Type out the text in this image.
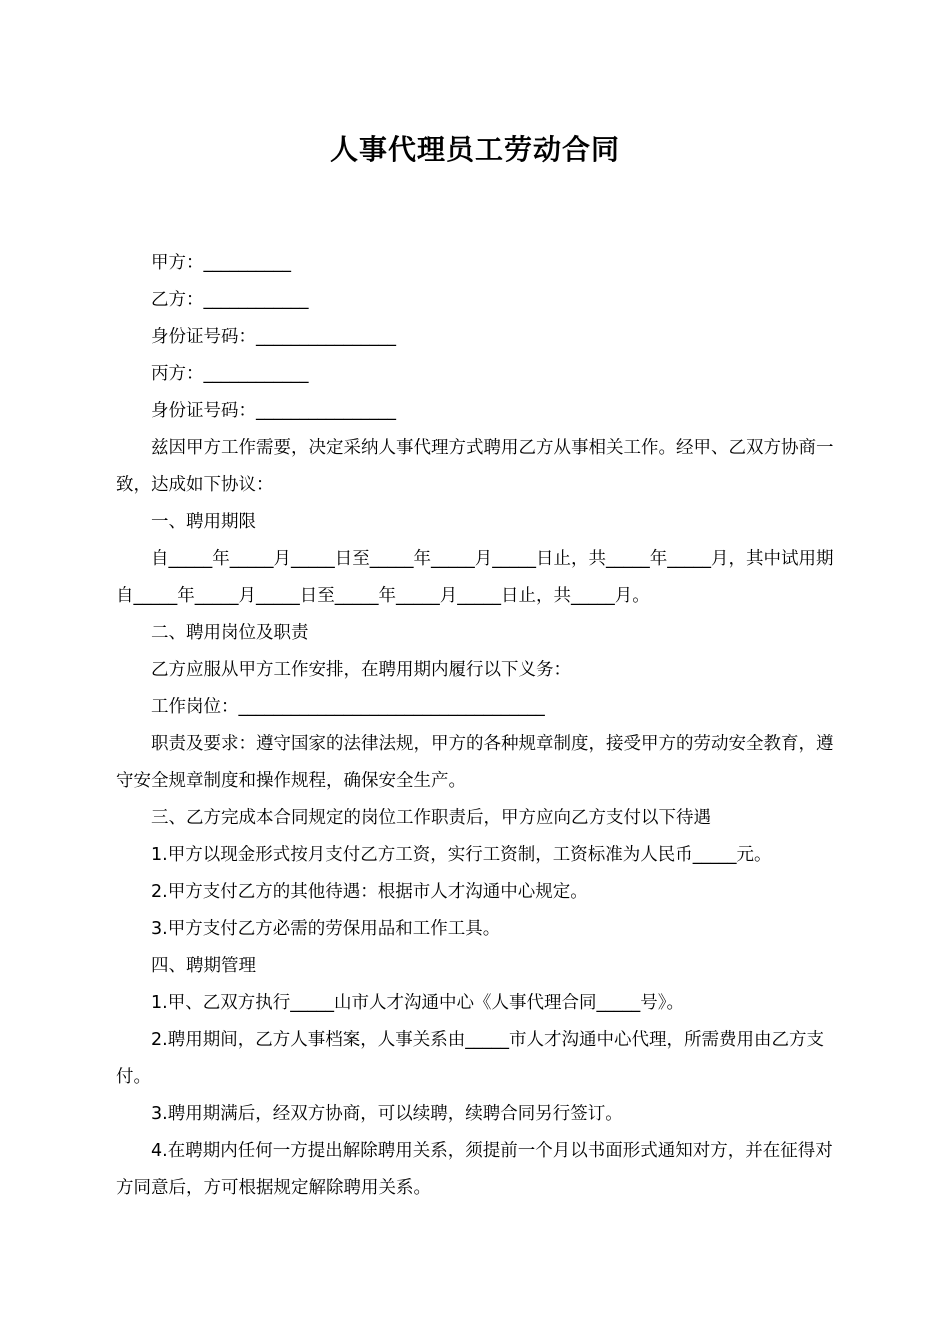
人事代理员工劳动合同

甲方：__________

乙方：____________

身份证号码：________________

丙方：____________

身份证号码：________________

兹因甲方工作需要，决定采纳人事代理方式聘用乙方从事相关工作。经甲、乙双方协商一致，达成如下协议：

一、聘用期限

自_____年_____月_____日至_____年_____月_____日止，共_____年_____月，其中试用期自_____年_____月_____日至_____年_____月_____日止，共_____月。

二、聘用岗位及职责

乙方应服从甲方工作安排，在聘用期内履行以下义务：

工作岗位：___________________________________

职责及要求：遵守国家的法律法规，甲方的各种规章制度，接受甲方的劳动安全教育，遵守安全规章制度和操作规程，确保安全生产。

三、乙方完成本合同规定的岗位工作职责后，甲方应向乙方支付以下待遇

1.甲方以现金形式按月支付乙方工资，实行工资制，工资标准为人民币_____元。

2.甲方支付乙方的其他待遇：根据市人才沟通中心规定。

3.甲方支付乙方必需的劳保用品和工作工具。

四、聘期管理

1.甲、乙双方执行_____山市人才沟通中心《人事代理合同_____号》。

2.聘用期间，乙方人事档案，人事关系由_____市人才沟通中心代理，所需费用由乙方支付。

3.聘用期满后，经双方协商，可以续聘，续聘合同另行签订。

4.在聘期内任何一方提出解除聘用关系，须提前一个月以书面形式通知对方，并在征得对方同意后，方可根据规定解除聘用关系。
